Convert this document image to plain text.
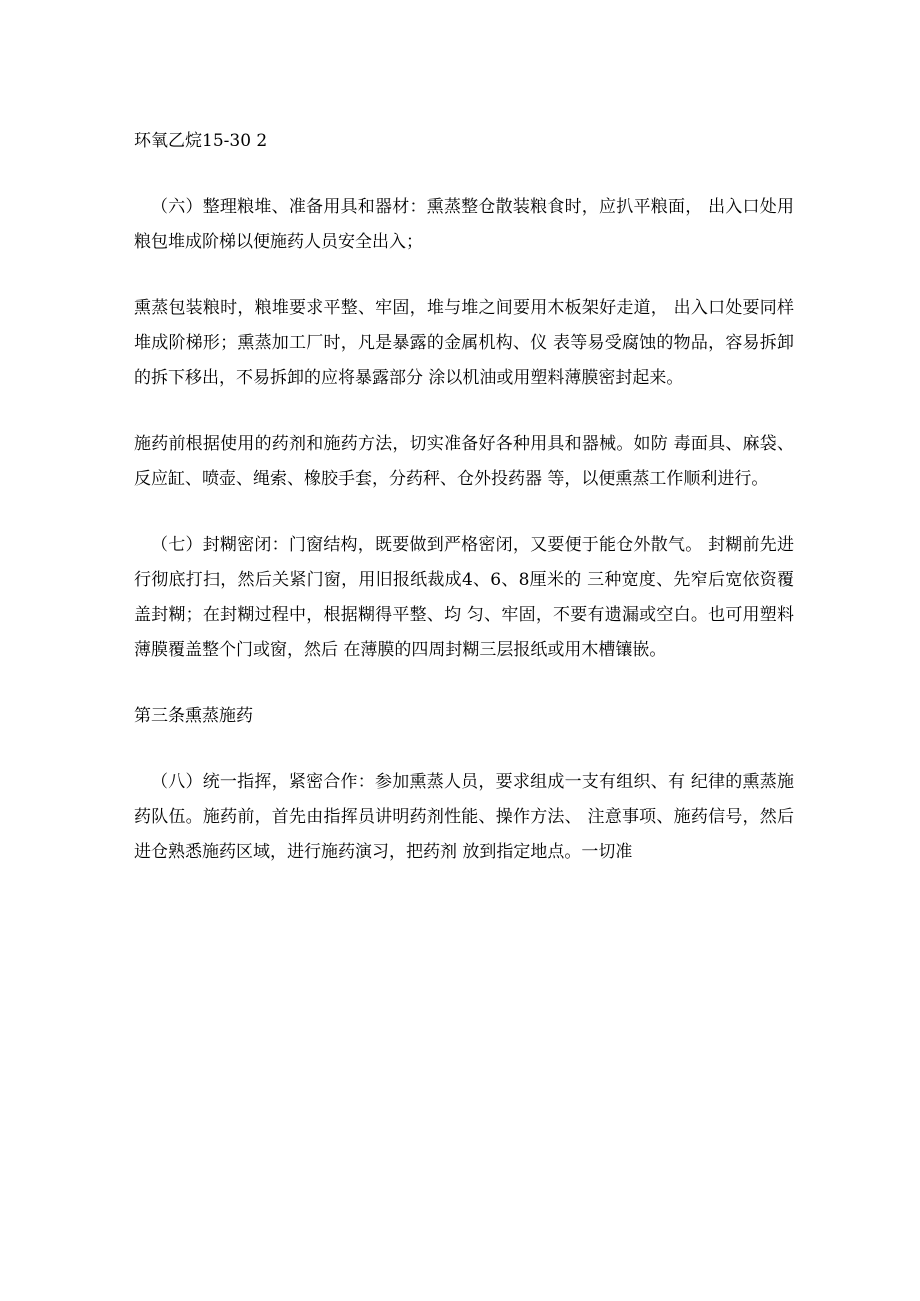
环氧乙烷15-30 2

（六）整理粮堆、准备用具和器材：熏蒸整仓散装粮食时，应扒平粮面， 出入口处用粮包堆成阶梯以便施药人员安全出入；

熏蒸包装粮时，粮堆要求平整、牢固，堆与堆之间要用木板架好走道， 出入口处要同样堆成阶梯形；熏蒸加工厂时，凡是暴露的金属机构、仪 表等易受腐蚀的物品，容易拆卸的拆下移出，不易拆卸的应将暴露部分 涂以机油或用塑料薄膜密封起来。

施药前根据使用的药剂和施药方法，切实准备好各种用具和器械。如防 毒面具、麻袋、反应缸、喷壶、绳索、橡胶手套，分药秤、仓外投药器 等，以便熏蒸工作顺利进行。

（七）封糊密闭：门窗结构，既要做到严格密闭，又要便于能仓外散气。 封糊前先进行彻底打扫，然后关紧门窗，用旧报纸裁成4、6、8厘米的 三种宽度、先窄后宽依资覆盖封糊；在封糊过程中，根据糊得平整、均 匀、牢固，不要有遗漏或空白。也可用塑料薄膜覆盖整个门或窗，然后 在薄膜的四周封糊三层报纸或用木槽镶嵌。

第三条熏蒸施药

（八）统一指挥，紧密合作：参加熏蒸人员，要求组成一支有组织、有 纪律的熏蒸施药队伍。施药前，首先由指挥员讲明药剂性能、操作方法、 注意事项、施药信号，然后进仓熟悉施药区域，进行施药演习，把药剂 放到指定地点。一切准
